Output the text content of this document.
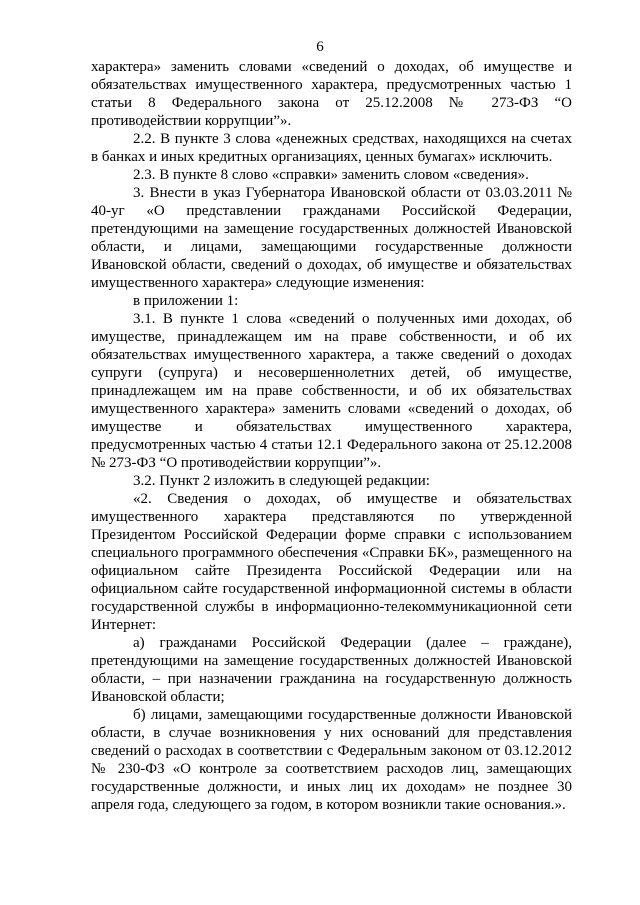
6

характера» заменить словами «сведений о доходах, об имуществе и обязательствах имущественного характера, предусмотренных частью 1 статьи 8 Федерального закона от 25.12.2008 № 273-ФЗ “О противодействии коррупции”».

2.2. В пункте 3 слова «денежных средствах, находящихся на счетах в банках и иных кредитных организациях, ценных бумагах» исключить.

2.3. В пункте 8 слово «справки» заменить словом «сведения».

3. Внести в указ Губернатора Ивановской области от 03.03.2011 № 40-уг «О представлении гражданами Российской Федерации, претендующими на замещение государственных должностей Ивановской области, и лицами, замещающими государственные должности Ивановской области, сведений о доходах, об имуществе и обязательствах имущественного характера» следующие изменения:

в приложении 1:

3.1. В пункте 1 слова «сведений о полученных ими доходах, об имуществе, принадлежащем им на праве собственности, и об их обязательствах имущественного характера, а также сведений о доходах супруги (супруга) и несовершеннолетних детей, об имуществе, принадлежащем им на праве собственности, и об их обязательствах имущественного характера» заменить словами «сведений о доходах, об имуществе и обязательствах имущественного характера, предусмотренных частью 4 статьи 12.1 Федерального закона от 25.12.2008 № 273-ФЗ “О противодействии коррупции”».

3.2. Пункт 2 изложить в следующей редакции:

«2. Сведения о доходах, об имуществе и обязательствах имущественного характера представляются по утвержденной Президентом Российской Федерации форме справки с использованием специального программного обеспечения «Справки БК», размещенного на официальном сайте Президента Российской Федерации или на официальном сайте государственной информационной системы в области государственной службы в информационно-телекоммуникационной сети Интернет:

а) гражданами Российской Федерации (далее – граждане), претендующими на замещение государственных должностей Ивановской области, – при назначении гражданина на государственную должность Ивановской области;

б) лицами, замещающими государственные должности Ивановской области, в случае возникновения у них оснований для представления сведений о расходах в соответствии с Федеральным законом от 03.12.2012 № 230-ФЗ «О контроле за соответствием расходов лиц, замещающих государственные должности, и иных лиц их доходам» не позднее 30 апреля года, следующего за годом, в котором возникли такие основания.».
